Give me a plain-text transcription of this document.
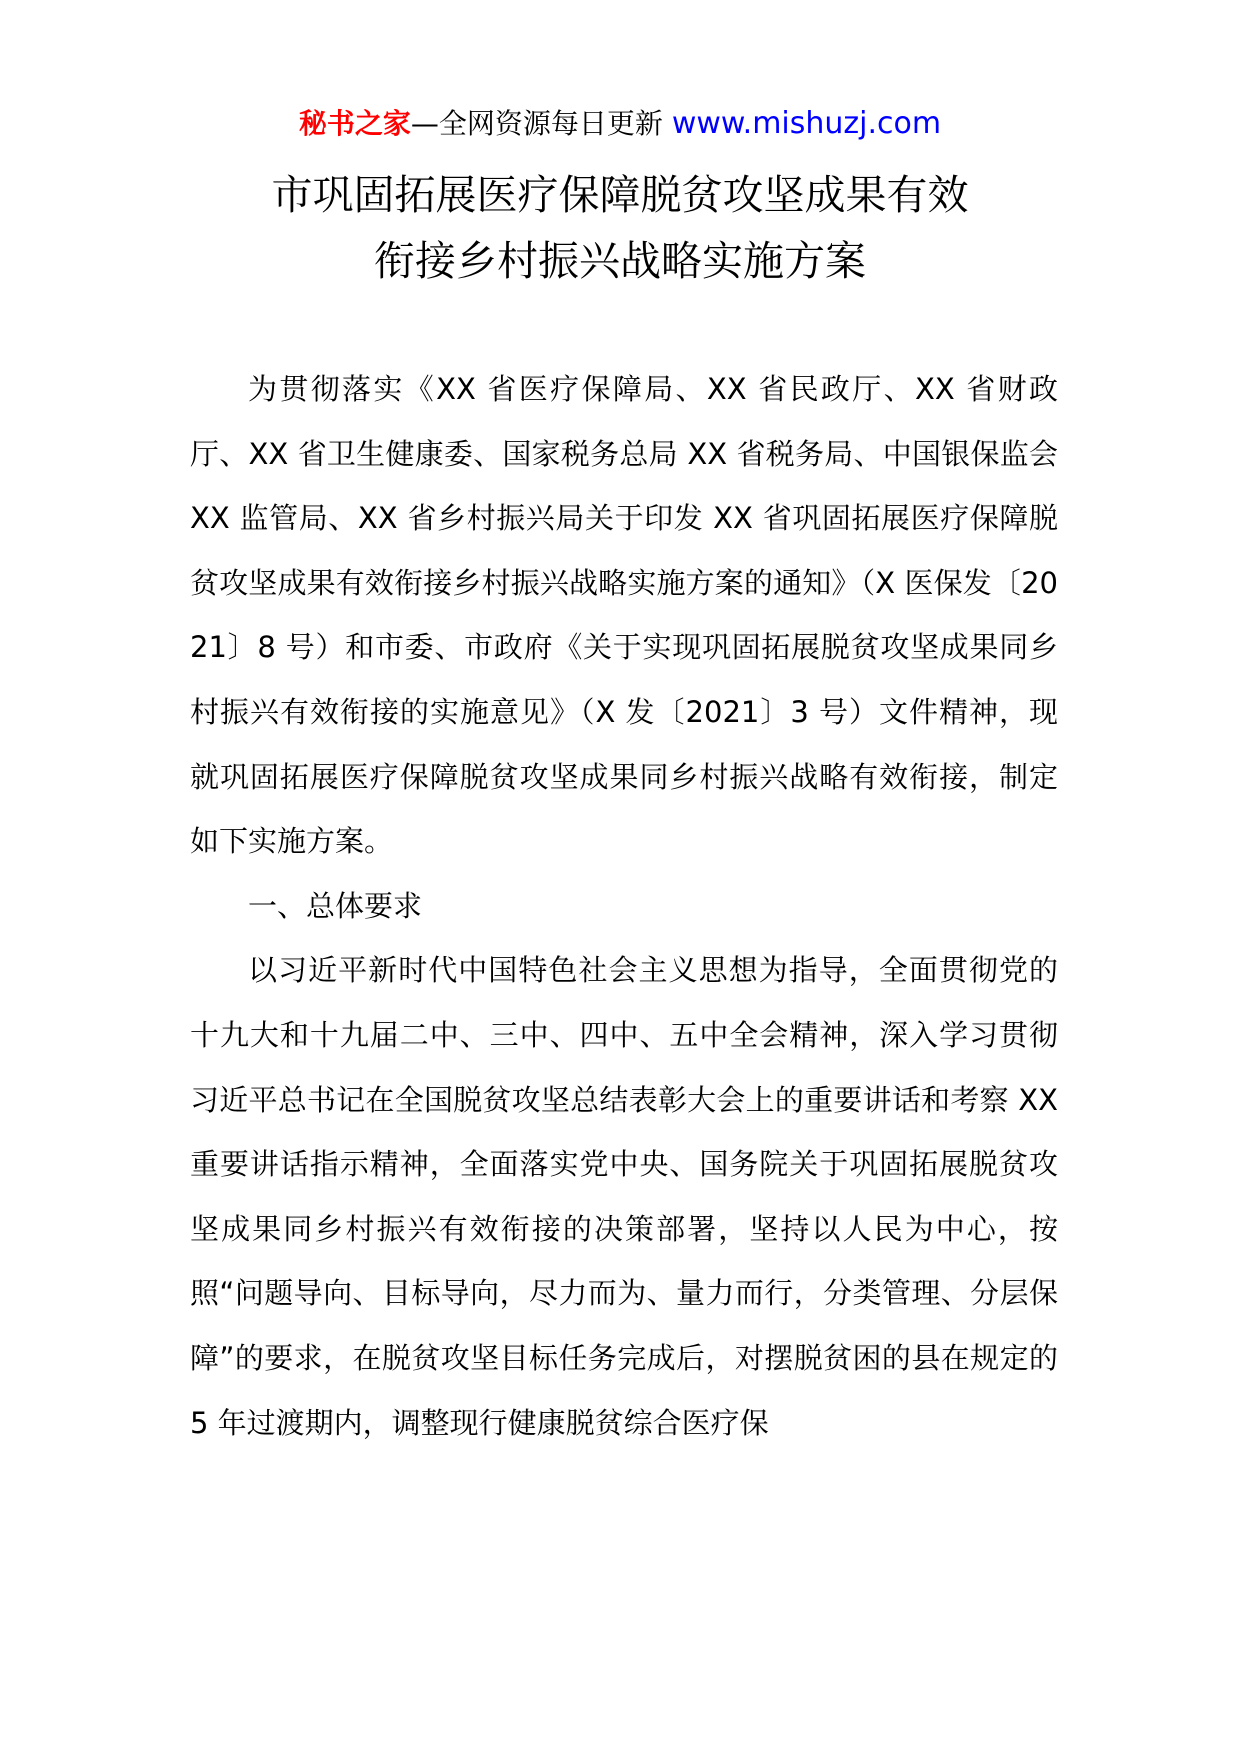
秘书之家—全网资源每日更新 www.mishuzj.com
市巩固拓展医疗保障脱贫攻坚成果有效
衔接乡村振兴战略实施方案

为贯彻落实《XX 省医疗保障局、XX 省民政厅、XX 省财政厅、XX 省卫生健康委、国家税务总局 XX 省税务局、中国银保监会 XX 监管局、XX 省乡村振兴局关于印发 XX 省巩固拓展医疗保障脱贫攻坚成果有效衔接乡村振兴战略实施方案的通知》（X 医保发〔2021〕8 号）和市委、市政府《关于实现巩固拓展脱贫攻坚成果同乡村振兴有效衔接的实施意见》（X 发〔2021〕3 号）文件精神，现就巩固拓展医疗保障脱贫攻坚成果同乡村振兴战略有效衔接，制定如下实施方案。

一、总体要求

以习近平新时代中国特色社会主义思想为指导，全面贯彻党的十九大和十九届二中、三中、四中、五中全会精神，深入学习贯彻习近平总书记在全国脱贫攻坚总结表彰大会上的重要讲话和考察 XX 重要讲话指示精神，全面落实党中央、国务院关于巩固拓展脱贫攻坚成果同乡村振兴有效衔接的决策部署，坚持以人民为中心，按照“问题导向、目标导向，尽力而为、量力而行，分类管理、分层保障”的要求，在脱贫攻坚目标任务完成后，对摆脱贫困的县在规定的 5 年过渡期内，调整现行健康脱贫综合医疗保
